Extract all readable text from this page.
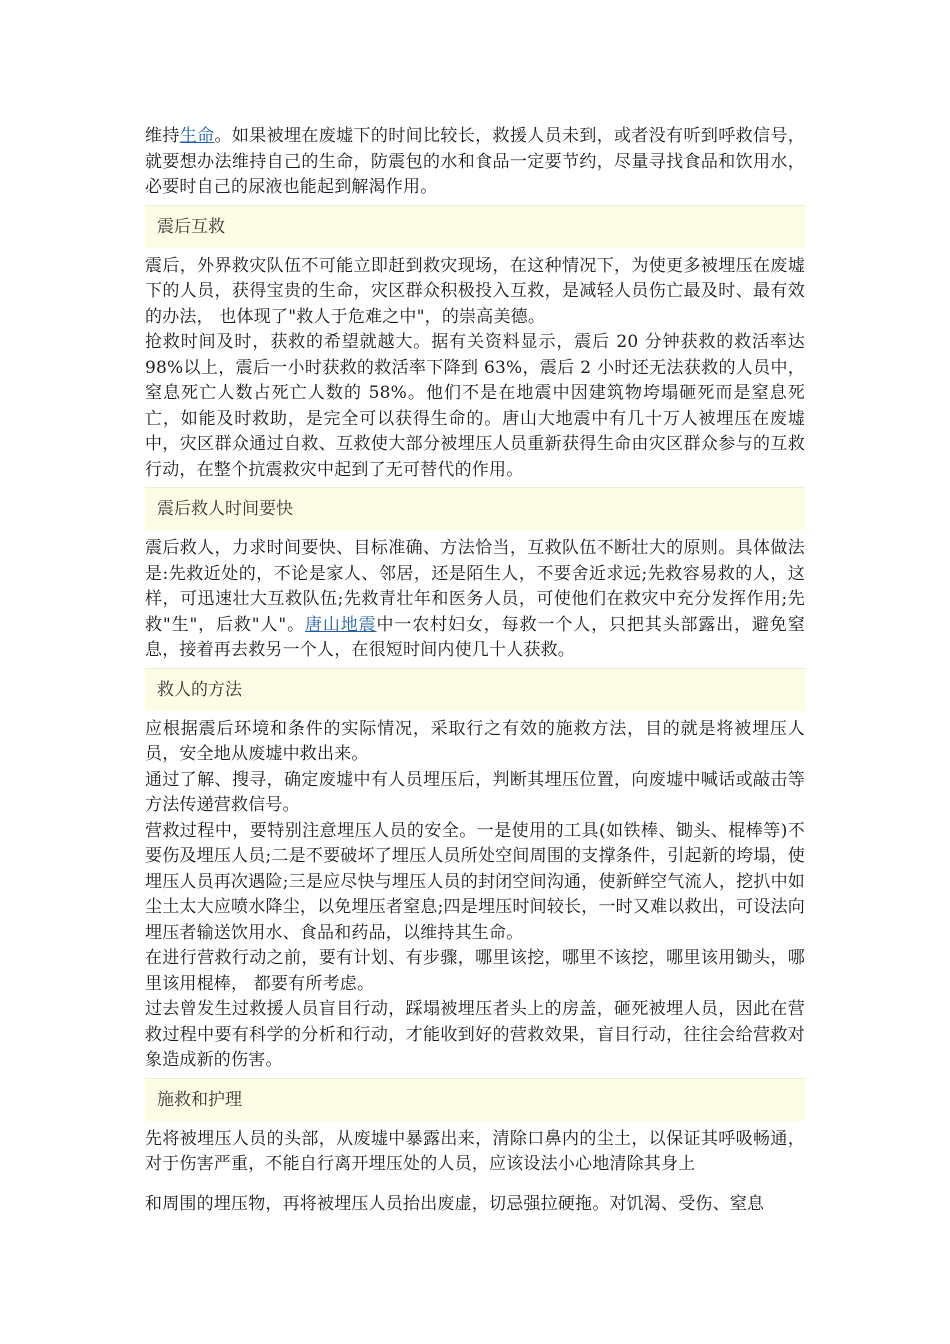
维持生命。如果被埋在废墟下的时间比较长，救援人员未到，或者没有听到呼救信号，就要想办法维持自己的生命，防震包的水和食品一定要节约，尽量寻找食品和饮用水，必要时自己的尿液也能起到解渴作用。

震后互救

震后，外界救灾队伍不可能立即赶到救灾现场，在这种情况下，为使更多被埋压在废墟下的人员，获得宝贵的生命，灾区群众积极投入互救，是减轻人员伤亡最及时、最有效的办法， 也体现了"救人于危难之中"，的崇高美德。

抢救时间及时，获救的希望就越大。据有关资料显示，震后 20 分钟获救的救活率达 98%以上，震后一小时获救的救活率下降到 63%，震后 2 小时还无法获救的人员中，窒息死亡人数占死亡人数的 58%。他们不是在地震中因建筑物垮塌砸死而是窒息死亡，如能及时救助，是完全可以获得生命的。唐山大地震中有几十万人被埋压在废墟中，灾区群众通过自救、互救使大部分被埋压人员重新获得生命由灾区群众参与的互救行动，在整个抗震救灾中起到了无可替代的作用。

震后救人时间要快

震后救人，力求时间要快、目标准确、方法恰当，互救队伍不断壮大的原则。具体做法是:先救近处的，不论是家人、邻居，还是陌生人，不要舍近求远;先救容易救的人，这样，可迅速壮大互救队伍;先救青壮年和医务人员，可使他们在救灾中充分发挥作用;先救"生"，后救"人"。唐山地震中一农村妇女，每救一个人，只把其头部露出，避免窒息，接着再去救另一个人，在很短时间内使几十人获救。

救人的方法

应根据震后环境和条件的实际情况，采取行之有效的施救方法，目的就是将被埋压人员，安全地从废墟中救出来。

通过了解、搜寻，确定废墟中有人员埋压后，判断其埋压位置，向废墟中喊话或敲击等方法传递营救信号。

营救过程中，要特别注意埋压人员的安全。一是使用的工具(如铁棒、锄头、棍棒等)不要伤及埋压人员;二是不要破坏了埋压人员所处空间周围的支撑条件，引起新的垮塌，使埋压人员再次遇险;三是应尽快与埋压人员的封闭空间沟通，使新鲜空气流人，挖扒中如尘土太大应喷水降尘，以免埋压者窒息;四是埋压时间较长，一时又难以救出，可设法向埋压者输送饮用水、食品和药品，以维持其生命。

在进行营救行动之前，要有计划、有步骤，哪里该挖，哪里不该挖，哪里该用锄头，哪里该用棍棒， 都要有所考虑。

过去曾发生过救援人员盲目行动，踩塌被埋压者头上的房盖，砸死被埋人员，因此在营救过程中要有科学的分析和行动，才能收到好的营救效果，盲目行动，往往会给营救对象造成新的伤害。

施救和护理

先将被埋压人员的头部，从废墟中暴露出来，清除口鼻内的尘土，以保证其呼吸畅通，对于伤害严重，不能自行离开埋压处的人员，应该设法小心地清除其身上

和周围的埋压物，再将被埋压人员抬出废虚，切忌强拉硬拖。对饥渴、受伤、窒息
